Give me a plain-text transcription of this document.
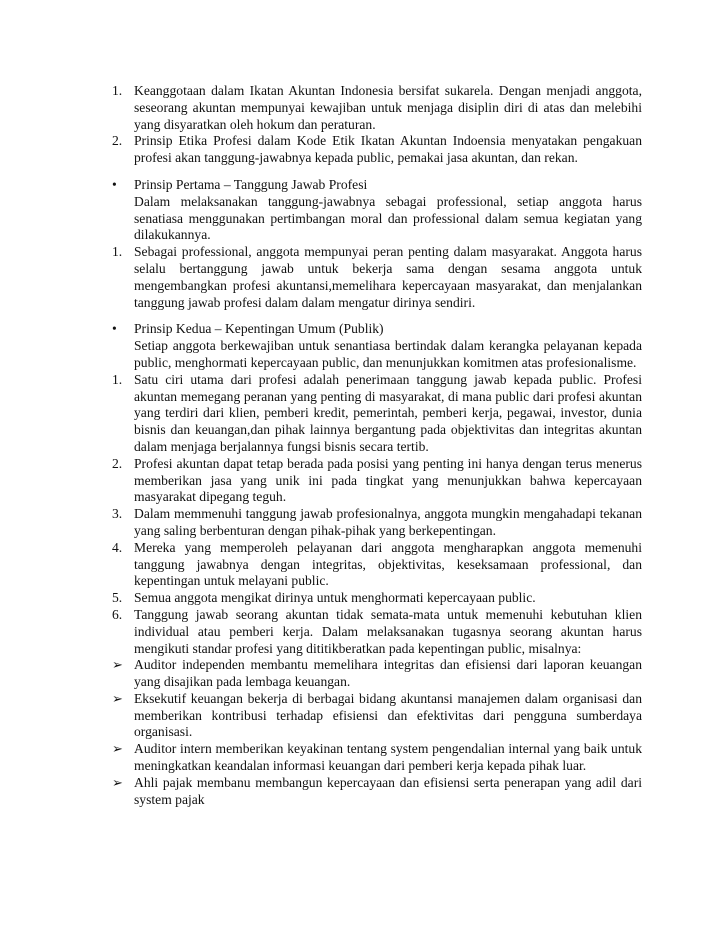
1. Keanggotaan dalam Ikatan Akuntan Indonesia bersifat sukarela. Dengan menjadi anggota, seseorang akuntan mempunyai kewajiban untuk menjaga disiplin diri di atas dan melebihi yang disyaratkan oleh hokum dan peraturan.
2. Prinsip Etika Profesi dalam Kode Etik Ikatan Akuntan Indoensia menyatakan pengakuan profesi akan tanggung-jawabnya kepada public, pemakai jasa akuntan, dan rekan.
•	Prinsip Pertama – Tanggung Jawab Profesi
Dalam melaksanakan tanggung-jawabnya sebagai professional, setiap anggota harus senatiasa menggunakan pertimbangan moral dan professional dalam semua kegiatan yang dilakukannya.
1. Sebagai professional, anggota mempunyai peran penting dalam masyarakat. Anggota harus selalu bertanggung jawab untuk bekerja sama dengan sesama anggota untuk mengembangkan profesi akuntansi,memelihara kepercayaan masyarakat, dan menjalankan tanggung jawab profesi dalam dalam mengatur dirinya sendiri.
•	Prinsip Kedua – Kepentingan Umum (Publik)
Setiap anggota berkewajiban untuk senantiasa bertindak dalam kerangka pelayanan kepada public, menghormati kepercayaan public, dan menunjukkan komitmen atas profesionalisme.
1. Satu ciri utama dari profesi adalah penerimaan tanggung jawab kepada public. Profesi akuntan memegang peranan yang penting di masyarakat, di mana public dari profesi akuntan yang terdiri dari klien, pemberi kredit, pemerintah, pemberi kerja, pegawai, investor, dunia bisnis dan keuangan,dan pihak lainnya bergantung pada objektivitas dan integritas akuntan dalam menjaga berjalannya fungsi bisnis secara tertib.
2. Profesi akuntan dapat tetap berada pada posisi yang penting ini hanya dengan terus menerus memberikan jasa yang unik ini pada tingkat yang menunjukkan bahwa kepercayaan masyarakat dipegang teguh.
3. Dalam memmenuhi tanggung jawab profesionalnya, anggota mungkin mengahadapi tekanan yang saling berbenturan dengan pihak-pihak yang berkepentingan.
4. Mereka yang memperoleh pelayanan dari anggota mengharapkan anggota memenuhi tanggung jawabnya dengan integritas, objektivitas, keseksamaan professional, dan kepentingan untuk melayani public.
5. Semua anggota mengikat dirinya untuk menghormati kepercayaan public.
6. Tanggung jawab seorang akuntan tidak semata-mata untuk memenuhi kebutuhan klien individual atau pemberi kerja. Dalam melaksanakan tugasnya seorang akuntan harus mengikuti standar profesi yang dititikberatkan pada kepentingan public, misalnya:
➢ Auditor independen membantu memelihara integritas dan efisiensi dari laporan keuangan yang disajikan pada lembaga keuangan.
➢ Eksekutif keuangan bekerja di berbagai bidang akuntansi manajemen dalam organisasi dan memberikan kontribusi terhadap efisiensi dan efektivitas dari pengguna sumberdaya organisasi.
➢ Auditor intern memberikan keyakinan tentang system pengendalian internal yang baik untuk meningkatkan keandalan informasi keuangan dari pemberi kerja kepada pihak luar.
➢ Ahli pajak membanu membangun kepercayaan dan efisiensi serta penerapan yang adil dari system pajak
